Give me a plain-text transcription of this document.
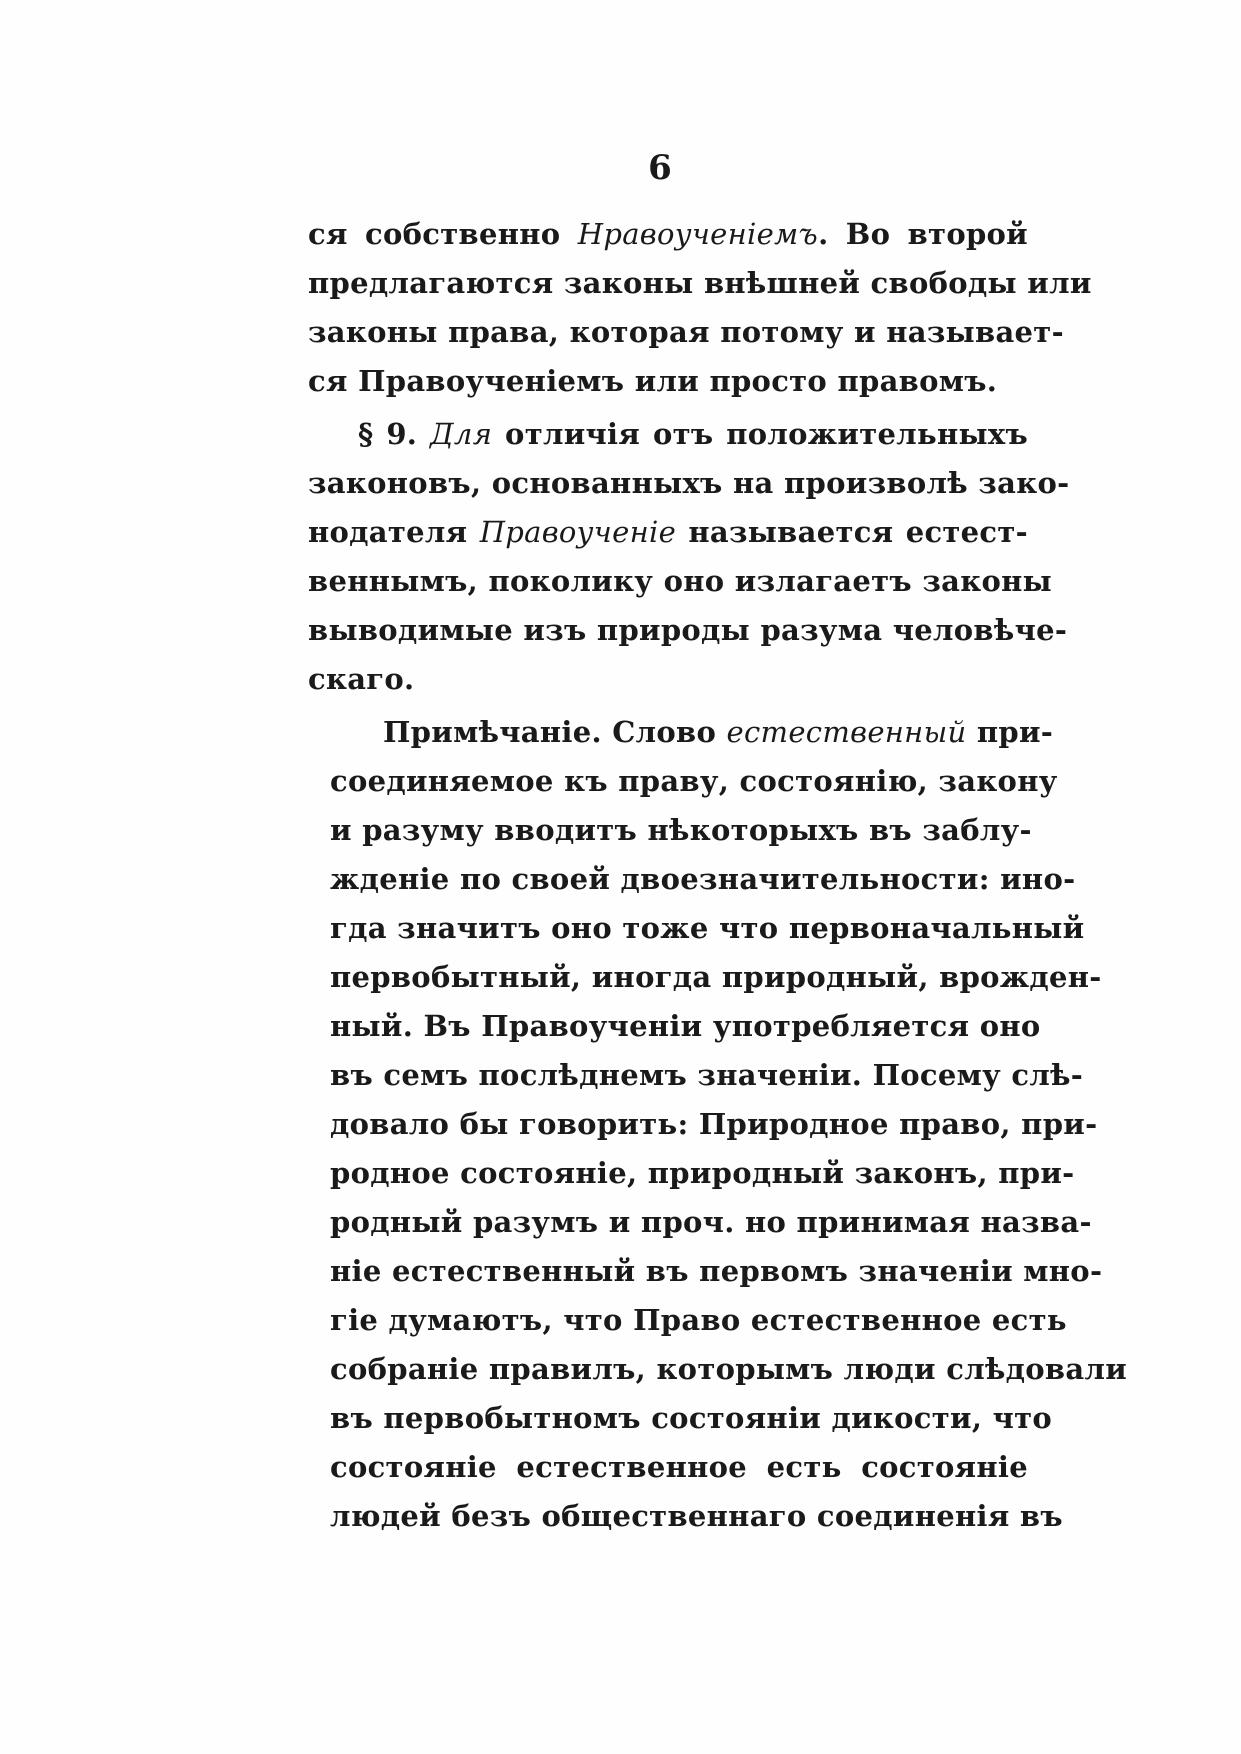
6
ся собственно Нравоученіемъ. Во второй
предлагаются законы внѣшней свободы или
законы права, которая потому и называет-
ся Правоученіемъ или просто правомъ.
§ 9. Для отличія отъ положительныхъ
законовъ, основанныхъ на произволѣ зако-
нодателя Правоученіе называется естест-
веннымъ, поколику оно излагаетъ законы
выводимые изъ природы разума человѣче-
скаго.
Примѣчаніе. Слово естественный при-
соединяемое къ праву, состоянію, закону
и разуму вводитъ нѣкоторыхъ въ заблу-
жденіе по своей двоезначительности: ино-
гда значитъ оно тоже что первоначальный
первобытный, иногда природный, врожден-
ный. Въ Правоученіи употребляется оно
въ семъ послѣднемъ значеніи. Посему слѣ-
довало бы говорить: Природное право, при-
родное состояніе, природный законъ, при-
родный разумъ и проч. но принимая назва-
ніе естественный въ первомъ значеніи мно-
гіе думаютъ, что Право естественное есть
собраніе правилъ, которымъ люди слѣдовали
въ первобытномъ состояніи дикости, что
состояніе естественное есть состояніе
людей безъ общественнаго соединенія въ
